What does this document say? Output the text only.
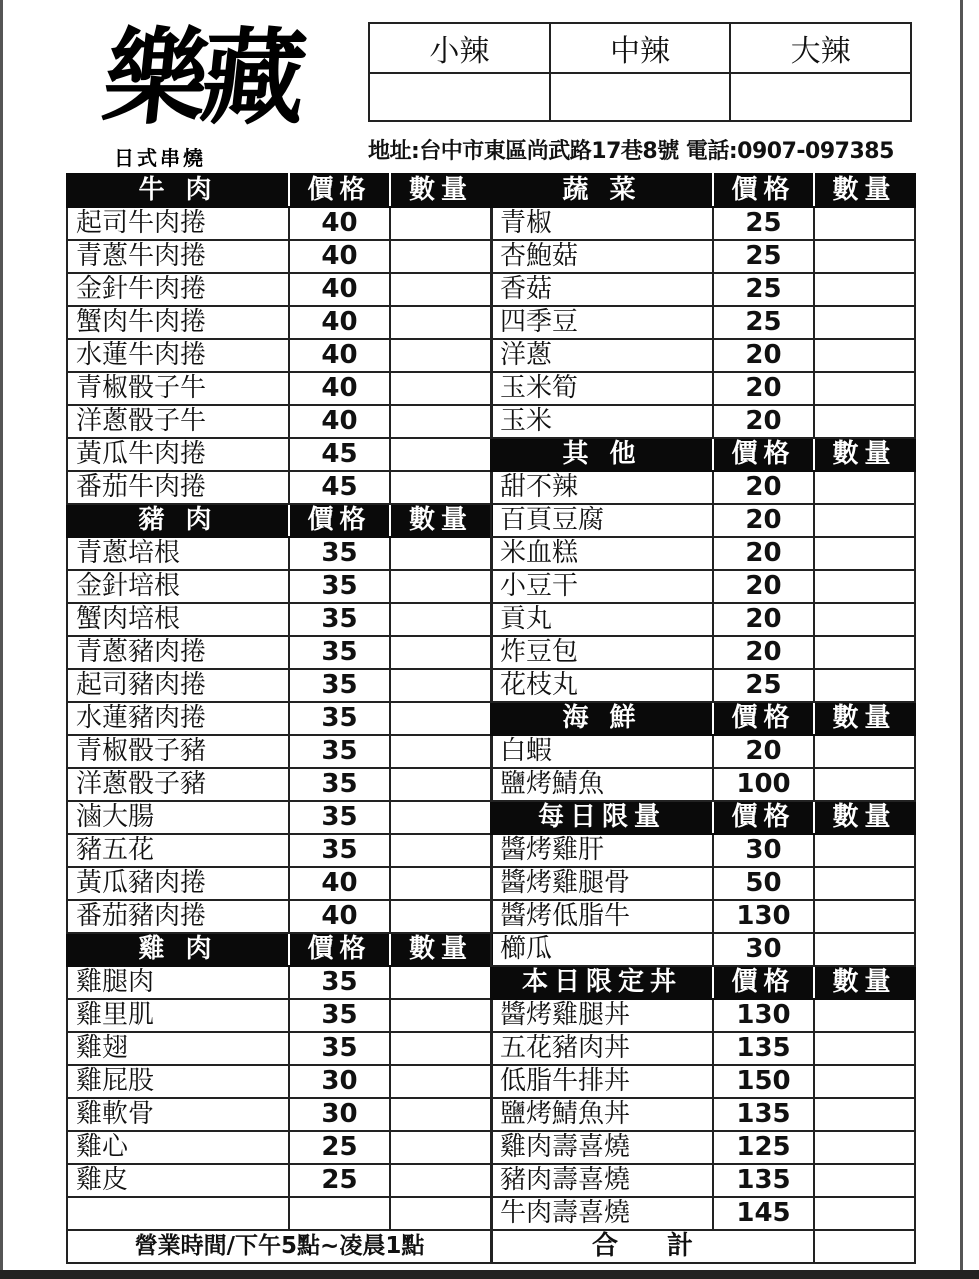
樂藏
日式串燒
小辣	中辣	大辣
地址:台中市東區尚武路17巷8號 電話:0907-097385
牛 肉	價格	數量
起司牛肉捲	40	
青蔥牛肉捲	40	
金針牛肉捲	40	
蟹肉牛肉捲	40	
水蓮牛肉捲	40	
青椒骰子牛	40	
洋蔥骰子牛	40	
黃瓜牛肉捲	45	
番茄牛肉捲	45	
豬 肉	價格	數量
青蔥培根	35	
金針培根	35	
蟹肉培根	35	
青蔥豬肉捲	35	
起司豬肉捲	35	
水蓮豬肉捲	35	
青椒骰子豬	35	
洋蔥骰子豬	35	
滷大腸	35	
豬五花	35	
黃瓜豬肉捲	40	
番茄豬肉捲	40	
雞 肉	價格	數量
雞腿肉	35	
雞里肌	35	
雞翅	35	
雞屁股	30	
雞軟骨	30	
雞心	25	
雞皮	25	

營業時間/下午5點~凌晨1點		
蔬 菜	價格	數量
青椒	25	
杏鮑菇	25	
香菇	25	
四季豆	25	
洋蔥	20	
玉米筍	20	
玉米	20	
其 他	價格	數量
甜不辣	20	
百頁豆腐	20	
米血糕	20	
小豆干	20	
貢丸	20	
炸豆包	20	
花枝丸	25	
海 鮮	價格	數量
白蝦	20	
鹽烤鯖魚	100	
每日限量	價格	數量
醬烤雞肝	30	
醬烤雞腿骨	50	
醬烤低脂牛	130	
櫛瓜	30	
本日限定丼	價格	數量
醬烤雞腿丼	130	
五花豬肉丼	135	
低脂牛排丼	150	
鹽烤鯖魚丼	135	
雞肉壽喜燒	125	
豬肉壽喜燒	135	
牛肉壽喜燒	145	
合 計		
